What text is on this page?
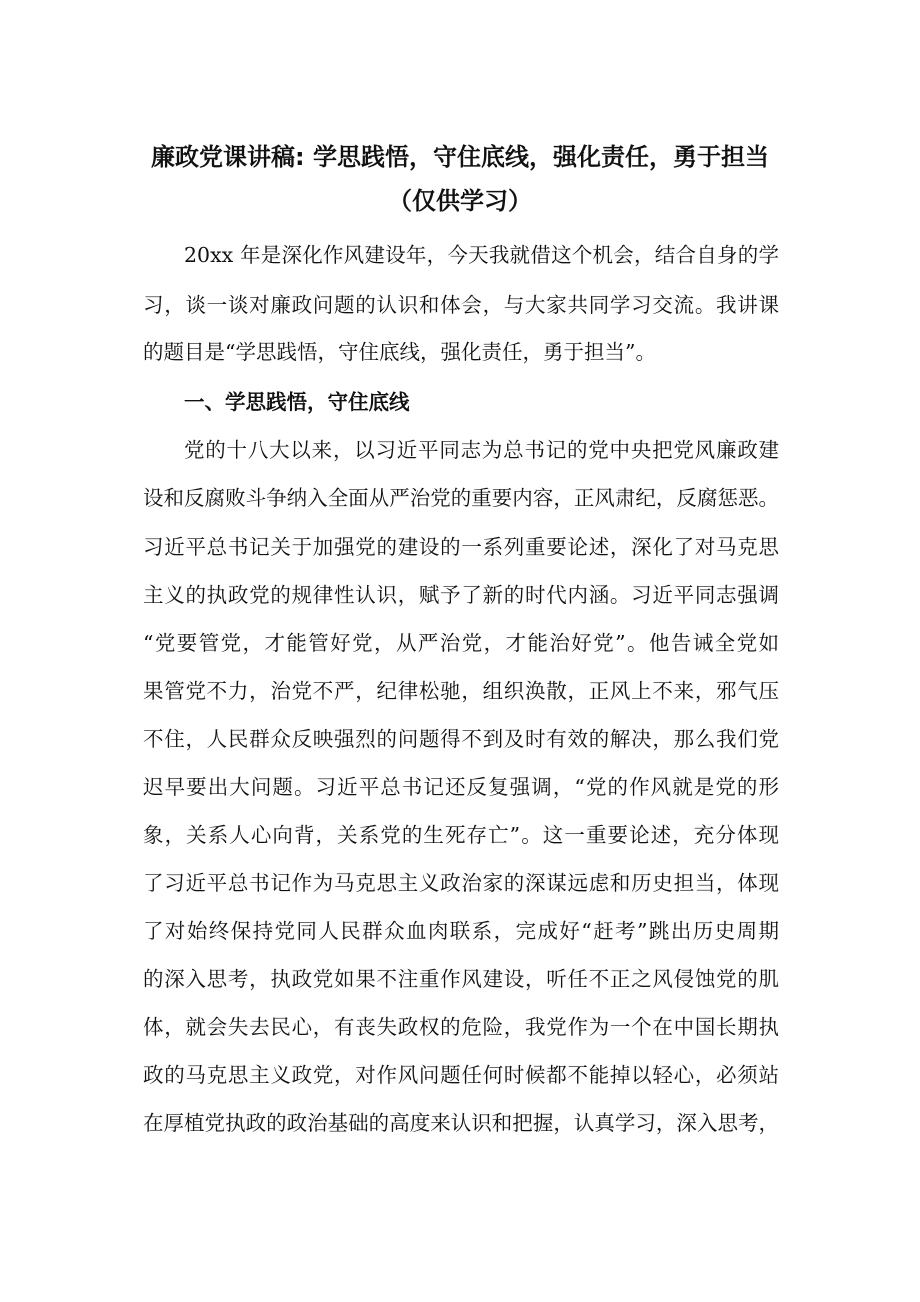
廉政党课讲稿: 学思践悟，守住底线，强化责任，勇于担当
（仅供学习）
20xx 年是深化作风建设年，今天我就借这个机会，结合自身的学
习，谈一谈对廉政问题的认识和体会，与大家共同学习交流。我讲课
的题目是“学思践悟，守住底线，强化责任，勇于担当”。
一、学思践悟，守住底线
党的十八大以来，以习近平同志为总书记的党中央把党风廉政建
设和反腐败斗争纳入全面从严治党的重要内容，正风肃纪，反腐惩恶。
习近平总书记关于加强党的建设的一系列重要论述，深化了对马克思
主义的执政党的规律性认识，赋予了新的时代内涵。习近平同志强调
“党要管党，才能管好党，从严治党，才能治好党”。他告诫全党如
果管党不力，治党不严，纪律松驰，组织涣散，正风上不来，邪气压
不住，人民群众反映强烈的问题得不到及时有效的解决，那么我们党
迟早要出大问题。习近平总书记还反复强调，“党的作风就是党的形
象，关系人心向背，关系党的生死存亡”。这一重要论述，充分体现
了习近平总书记作为马克思主义政治家的深谋远虑和历史担当，体现
了对始终保持党同人民群众血肉联系，完成好“赶考”跳出历史周期
的深入思考，执政党如果不注重作风建设，听任不正之风侵蚀党的肌
体，就会失去民心，有丧失政权的危险，我党作为一个在中国长期执
政的马克思主义政党，对作风问题任何时候都不能掉以轻心，必须站
在厚植党执政的政治基础的高度来认识和把握，认真学习，深入思考，
